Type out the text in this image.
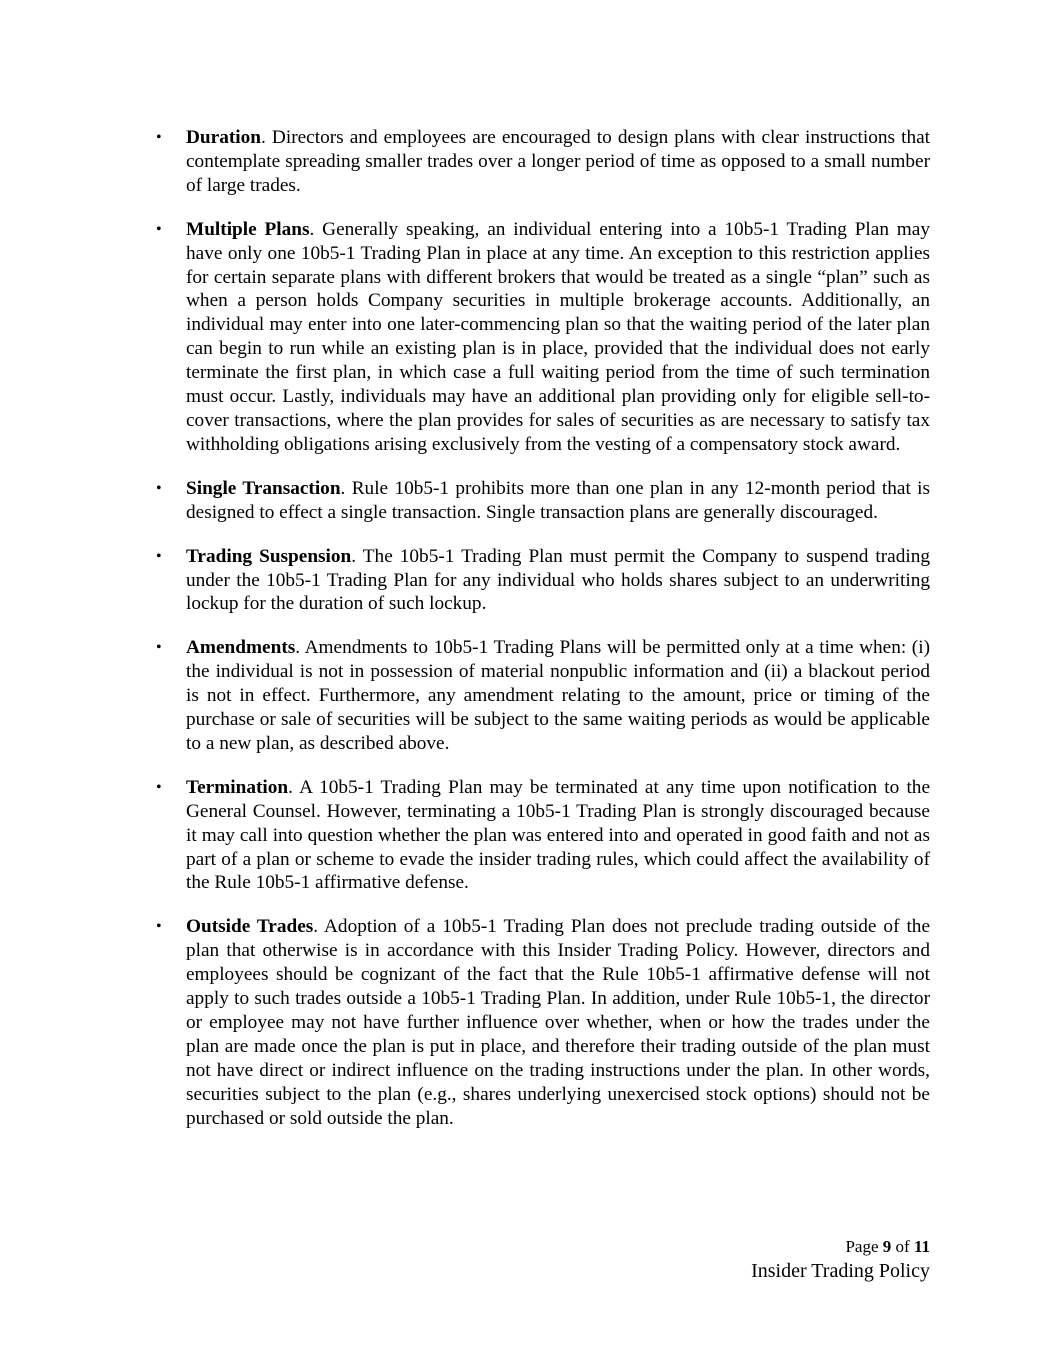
• Duration. Directors and employees are encouraged to design plans with clear instructions that contemplate spreading smaller trades over a longer period of time as opposed to a small number of large trades.
• Multiple Plans. Generally speaking, an individual entering into a 10b5-1 Trading Plan may have only one 10b5-1 Trading Plan in place at any time. An exception to this restriction applies for certain separate plans with different brokers that would be treated as a single “plan” such as when a person holds Company securities in multiple brokerage accounts. Additionally, an individual may enter into one later-commencing plan so that the waiting period of the later plan can begin to run while an existing plan is in place, provided that the individual does not early terminate the first plan, in which case a full waiting period from the time of such termination must occur. Lastly, individuals may have an additional plan providing only for eligible sell-to-cover transactions, where the plan provides for sales of securities as are necessary to satisfy tax withholding obligations arising exclusively from the vesting of a compensatory stock award.
• Single Transaction. Rule 10b5-1 prohibits more than one plan in any 12-month period that is designed to effect a single transaction. Single transaction plans are generally discouraged.
• Trading Suspension. The 10b5-1 Trading Plan must permit the Company to suspend trading under the 10b5-1 Trading Plan for any individual who holds shares subject to an underwriting lockup for the duration of such lockup.
• Amendments. Amendments to 10b5-1 Trading Plans will be permitted only at a time when: (i) the individual is not in possession of material nonpublic information and (ii) a blackout period is not in effect. Furthermore, any amendment relating to the amount, price or timing of the purchase or sale of securities will be subject to the same waiting periods as would be applicable to a new plan, as described above.
• Termination. A 10b5-1 Trading Plan may be terminated at any time upon notification to the General Counsel. However, terminating a 10b5-1 Trading Plan is strongly discouraged because it may call into question whether the plan was entered into and operated in good faith and not as part of a plan or scheme to evade the insider trading rules, which could affect the availability of the Rule 10b5-1 affirmative defense.
• Outside Trades. Adoption of a 10b5-1 Trading Plan does not preclude trading outside of the plan that otherwise is in accordance with this Insider Trading Policy. However, directors and employees should be cognizant of the fact that the Rule 10b5-1 affirmative defense will not apply to such trades outside a 10b5-1 Trading Plan. In addition, under Rule 10b5-1, the director or employee may not have further influence over whether, when or how the trades under the plan are made once the plan is put in place, and therefore their trading outside of the plan must not have direct or indirect influence on the trading instructions under the plan. In other words, securities subject to the plan (e.g., shares underlying unexercised stock options) should not be purchased or sold outside the plan.
Page 9 of 11
Insider Trading Policy
